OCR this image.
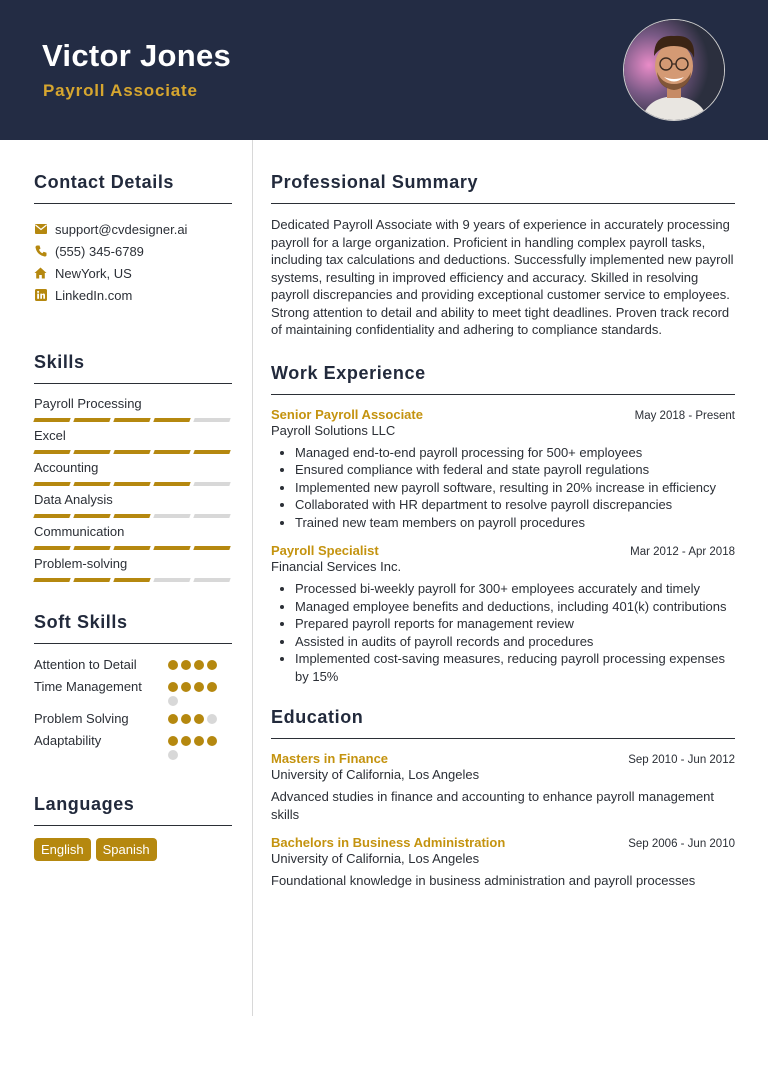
Victor Jones
Payroll Associate
Contact Details
support@cvdesigner.ai
(555) 345-6789
NewYork, US
LinkedIn.com
Skills
Payroll Processing
Excel
Accounting
Data Analysis
Communication
Problem-solving
Soft Skills
Attention to Detail
Time Management
Problem Solving
Adaptability
Languages
English	Spanish
Professional Summary
Dedicated Payroll Associate with 9 years of experience in accurately processing payroll for a large organization. Proficient in handling complex payroll tasks, including tax calculations and deductions. Successfully implemented new payroll systems, resulting in improved efficiency and accuracy. Skilled in resolving payroll discrepancies and providing exceptional customer service to employees. Strong attention to detail and ability to meet tight deadlines. Proven track record of maintaining confidentiality and adhering to compliance standards.
Work Experience
Senior Payroll Associate	May 2018 - Present
Payroll Solutions LLC
• Managed end-to-end payroll processing for 500+ employees
• Ensured compliance with federal and state payroll regulations
• Implemented new payroll software, resulting in 20% increase in efficiency
• Collaborated with HR department to resolve payroll discrepancies
• Trained new team members on payroll procedures
Payroll Specialist	Mar 2012 - Apr 2018
Financial Services Inc.
• Processed bi-weekly payroll for 300+ employees accurately and timely
• Managed employee benefits and deductions, including 401(k) contributions
• Prepared payroll reports for management review
• Assisted in audits of payroll records and procedures
• Implemented cost-saving measures, reducing payroll processing expenses by 15%
Education
Masters in Finance	Sep 2010 - Jun 2012
University of California, Los Angeles
Advanced studies in finance and accounting to enhance payroll management skills
Bachelors in Business Administration	Sep 2006 - Jun 2010
University of California, Los Angeles
Foundational knowledge in business administration and payroll processes
